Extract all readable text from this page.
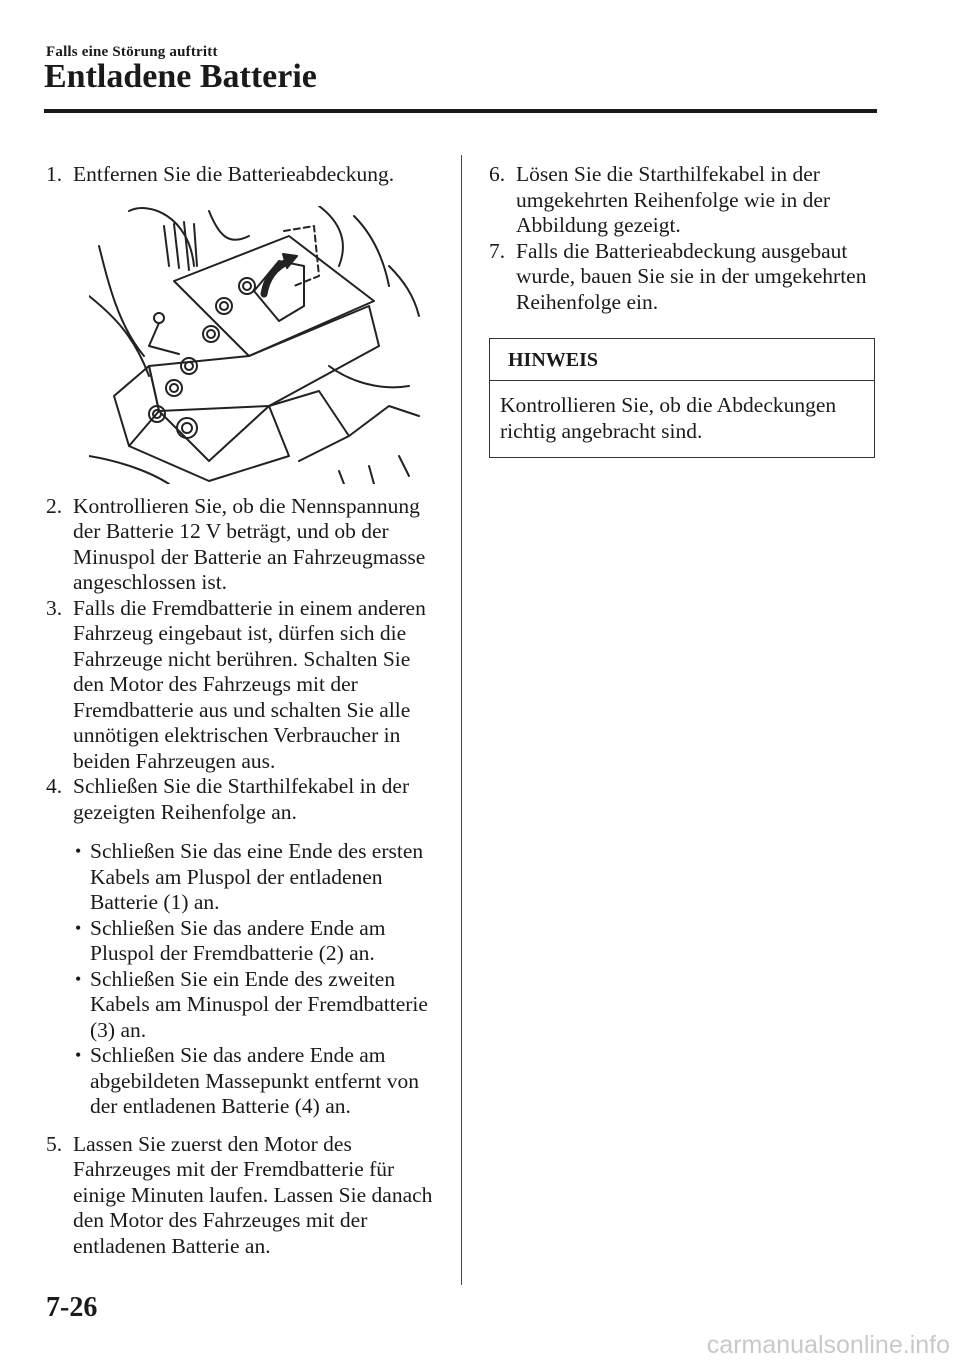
Falls eine Störung auftritt
Entladene Batterie
1. Entfernen Sie die Batterieabdeckung.
2. Kontrollieren Sie, ob die Nennspannung der Batterie 12 V beträgt, und ob der Minuspol der Batterie an Fahrzeugmasse angeschlossen ist.
3. Falls die Fremdbatterie in einem anderen Fahrzeug eingebaut ist, dürfen sich die Fahrzeuge nicht berühren. Schalten Sie den Motor des Fahrzeugs mit der Fremdbatterie aus und schalten Sie alle unnötigen elektrischen Verbraucher in beiden Fahrzeugen aus.
4. Schließen Sie die Starthilfekabel in der gezeigten Reihenfolge an.
• Schließen Sie das eine Ende des ersten Kabels am Pluspol der entladenen Batterie (1) an.
• Schließen Sie das andere Ende am Pluspol der Fremdbatterie (2) an.
• Schließen Sie ein Ende des zweiten Kabels am Minuspol der Fremdbatterie (3) an.
• Schließen Sie das andere Ende am abgebildeten Massepunkt entfernt von der entladenen Batterie (4) an.
5. Lassen Sie zuerst den Motor des Fahrzeuges mit der Fremdbatterie für einige Minuten laufen. Lassen Sie danach den Motor des Fahrzeuges mit der entladenen Batterie an.
6. Lösen Sie die Starthilfekabel in der umgekehrten Reihenfolge wie in der Abbildung gezeigt.
7. Falls die Batterieabdeckung ausgebaut wurde, bauen Sie sie in der umgekehrten Reihenfolge ein.
HINWEIS
Kontrollieren Sie, ob die Abdeckungen richtig angebracht sind.
7-26
carmanualsonline.info
